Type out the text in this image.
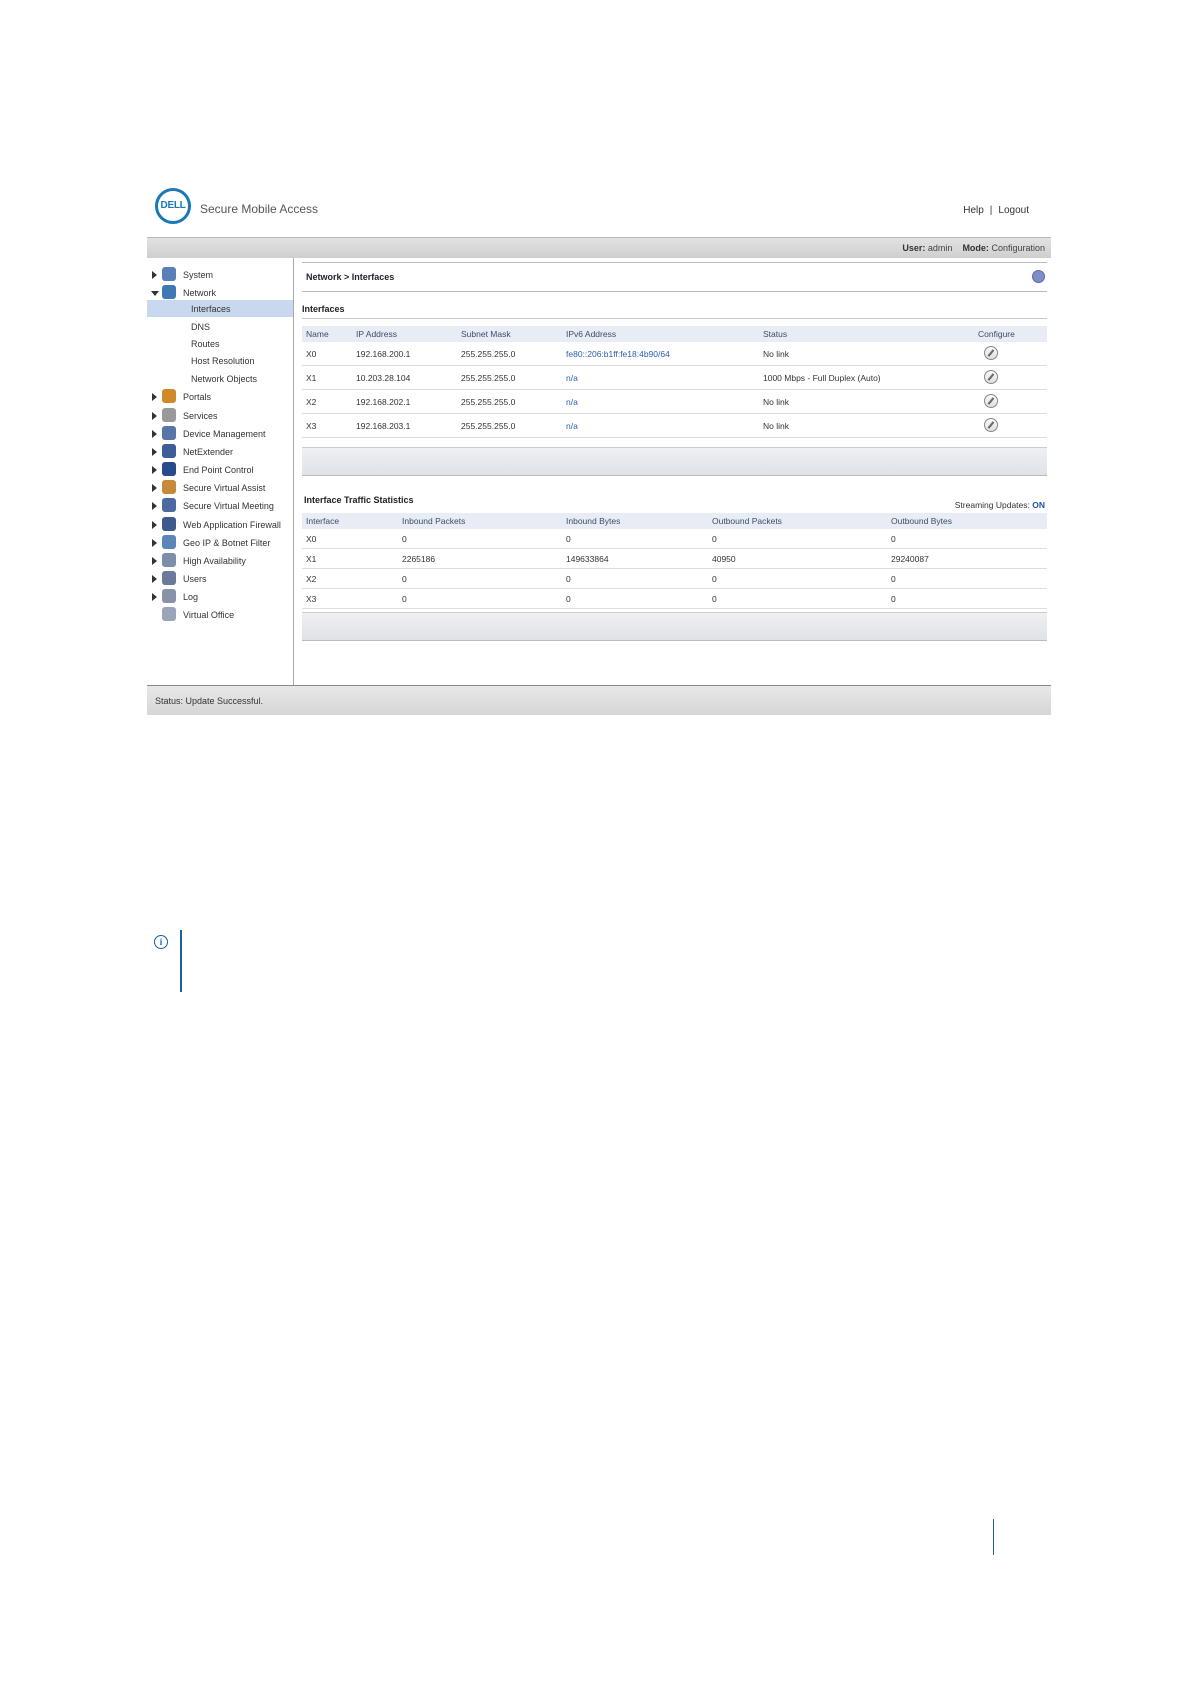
DELL	Secure Mobile Access	Help | Logout
User: admin Mode: Configuration
System
Network
Portals
Services
Device Management
NetExtender
End Point Control
Secure Virtual Assist
Secure Virtual Meeting
Web Application Firewall
Geo IP & Botnet Filter
High Availability
Users
Log
Virtual Office
Interfaces
DNS
Routes
Host Resolution
Network Objects
Network > Interfaces
Interfaces
Name	IP Address	Subnet Mask	IPv6 Address	Status	Configure
X0	192.168.200.1	255.255.255.0	fe80::206:b1ff:fe18:4b90/64	No link	
X1	10.203.28.104	255.255.255.0	n/a	1000 Mbps - Full Duplex (Auto)	
X2	192.168.202.1	255.255.255.0	n/a	No link	
X3	192.168.203.1	255.255.255.0	n/a	No link	
Interface Traffic Statistics	Streaming Updates: ON
Interface	Inbound Packets	Inbound Bytes	Outbound Packets	Outbound Bytes
X0	0	0	0	0
X1	2265186	149633864	40950	29240087
X2	0	0	0	0
X3	0	0	0	0
Status: Update Successful.
i
